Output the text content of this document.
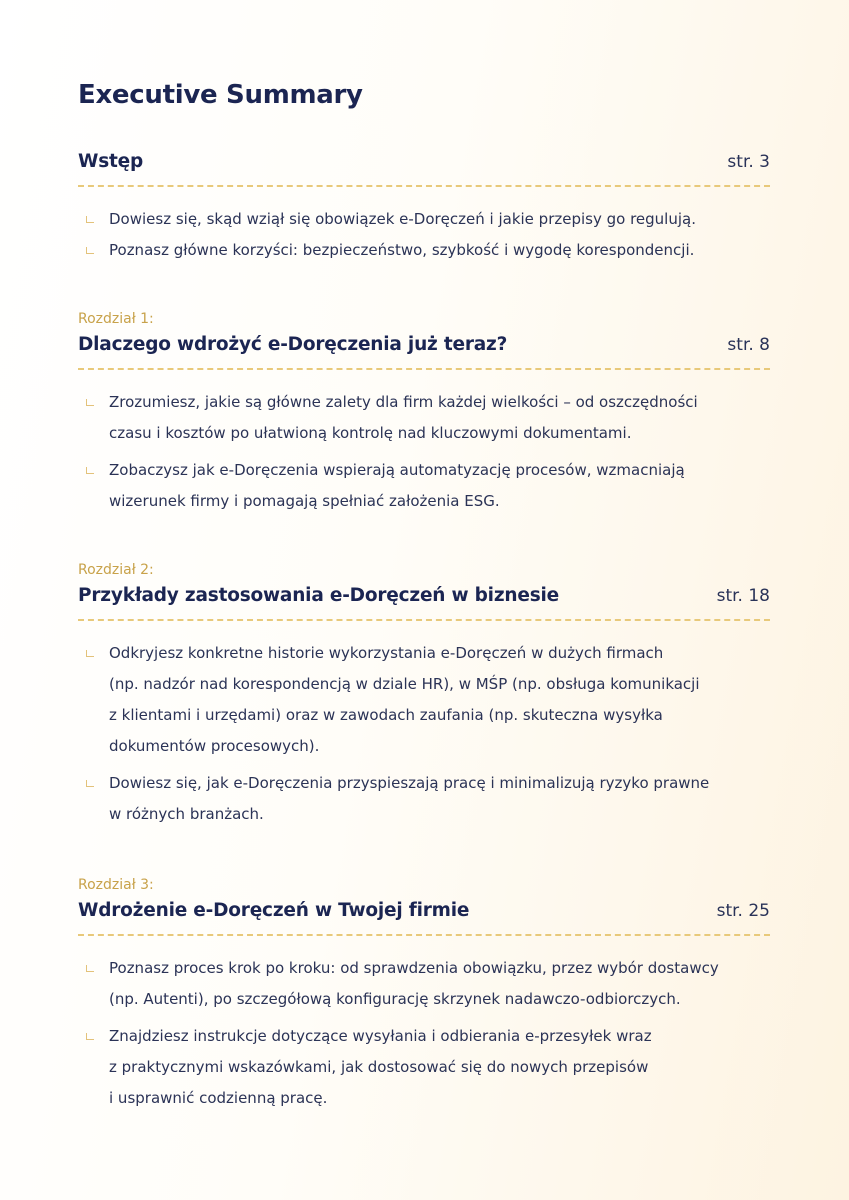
Executive Summary
Wstęp	str. 3
Dowiesz się, skąd wziął się obowiązek e-Doręczeń i jakie przepisy go regulują.
Poznasz główne korzyści: bezpieczeństwo, szybkość i wygodę korespondencji.
Rozdział 1:
Dlaczego wdrożyć e-Doręczenia już teraz?	str. 8
Zrozumiesz, jakie są główne zalety dla firm każdej wielkości – od oszczędności
czasu i kosztów po ułatwioną kontrolę nad kluczowymi dokumentami.
Zobaczysz jak e-Doręczenia wspierają automatyzację procesów, wzmacniają
wizerunek firmy i pomagają spełniać założenia ESG.
Rozdział 2:
Przykłady zastosowania e-Doręczeń w biznesie	str. 18
Odkryjesz konkretne historie wykorzystania e-Doręczeń w dużych firmach
(np. nadzór nad korespondencją w dziale HR), w MŚP (np. obsługa komunikacji
z klientami i urzędami) oraz w zawodach zaufania (np. skuteczna wysyłka
dokumentów procesowych).
Dowiesz się, jak e-Doręczenia przyspieszają pracę i minimalizują ryzyko prawne
w różnych branżach.
Rozdział 3:
Wdrożenie e-Doręczeń w Twojej firmie	str. 25
Poznasz proces krok po kroku: od sprawdzenia obowiązku, przez wybór dostawcy
(np. Autenti), po szczegółową konfigurację skrzynek nadawczo-odbiorczych.
Znajdziesz instrukcje dotyczące wysyłania i odbierania e-przesyłek wraz
z praktycznymi wskazówkami, jak dostosować się do nowych przepisów
i usprawnić codzienną pracę.
